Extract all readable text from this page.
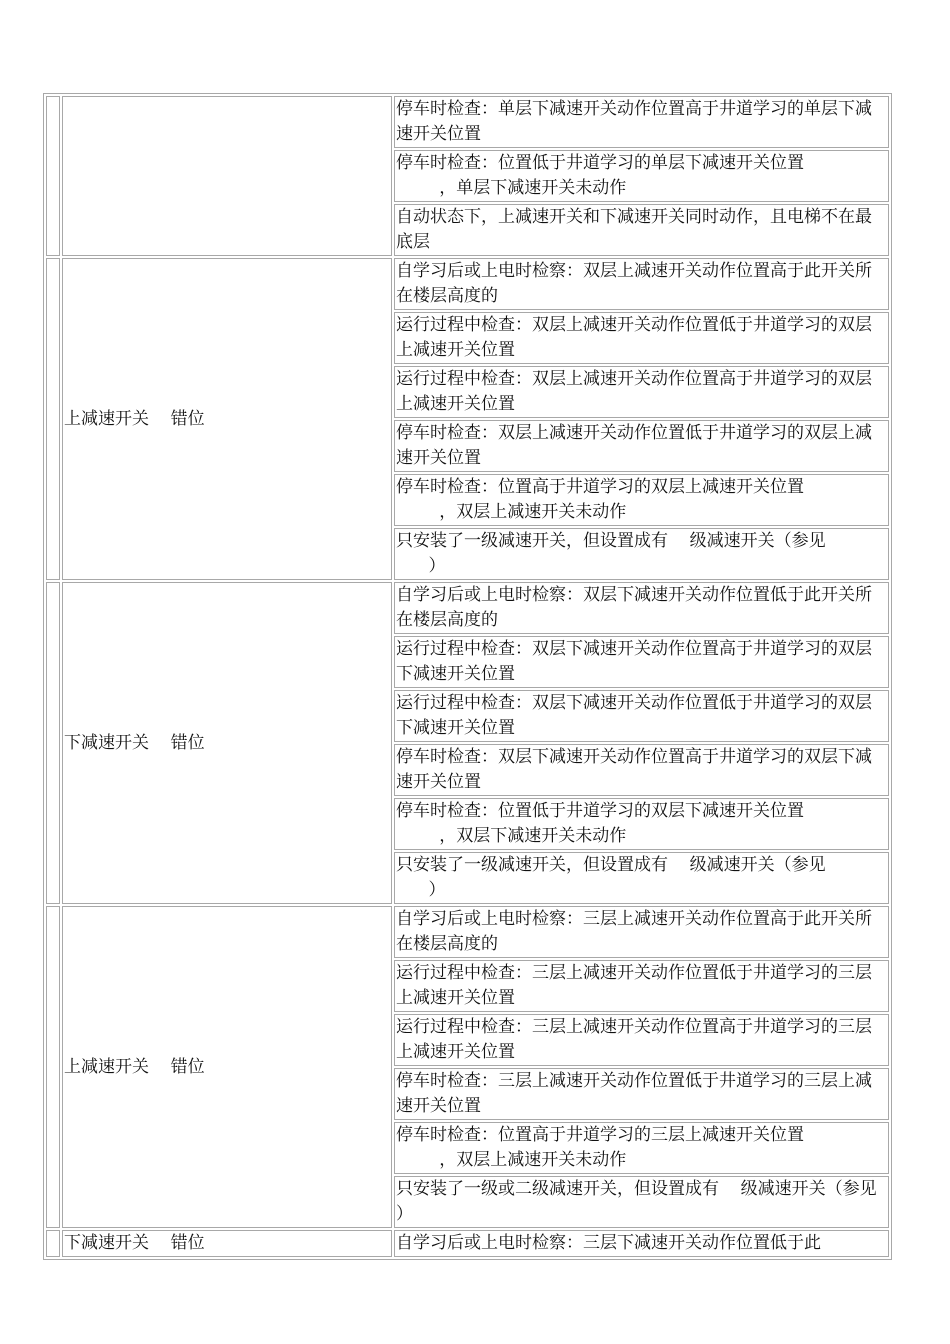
		停车时检查：单层下减速开关动作位置高于井道学习的单层下减速开关位置
		停车时检查：位置低于井道学习的单层下减速开关位置
，单层下减速开关未动作
		自动状态下，上减速开关和下减速开关同时动作，且电梯不在最底层
	上减速开关    错位	自学习后或上电时检察：双层上减速开关动作位置高于此开关所在楼层高度的
		运行过程中检查：双层上减速开关动作位置低于井道学习的双层上减速开关位置
		运行过程中检查：双层上减速开关动作位置高于井道学习的双层上减速开关位置
		停车时检查：双层上减速开关动作位置低于井道学习的双层上减速开关位置
		停车时检查：位置高于井道学习的双层上减速开关位置
，双层上减速开关未动作
		只安装了一级减速开关，但设置成有    级减速开关（参见
）
	下减速开关    错位	自学习后或上电时检察：双层下减速开关动作位置低于此开关所在楼层高度的
		运行过程中检查：双层下减速开关动作位置高于井道学习的双层下减速开关位置
		运行过程中检查：双层下减速开关动作位置低于井道学习的双层下减速开关位置
		停车时检查：双层下减速开关动作位置高于井道学习的双层下减速开关位置
		停车时检查：位置低于井道学习的双层下减速开关位置
，双层下减速开关未动作
		只安装了一级减速开关，但设置成有    级减速开关（参见
）
	上减速开关    错位	自学习后或上电时检察：三层上减速开关动作位置高于此开关所在楼层高度的
		运行过程中检查：三层上减速开关动作位置低于井道学习的三层上减速开关位置
		运行过程中检查：三层上减速开关动作位置高于井道学习的三层上减速开关位置
		停车时检查：三层上减速开关动作位置低于井道学习的三层上减速开关位置
		停车时检查：位置高于井道学习的三层上减速开关位置
，双层上减速开关未动作
		只安装了一级或二级减速开关，但设置成有    级减速开关（参见        ）
	下减速开关    错位	自学习后或上电时检察：三层下减速开关动作位置低于此
